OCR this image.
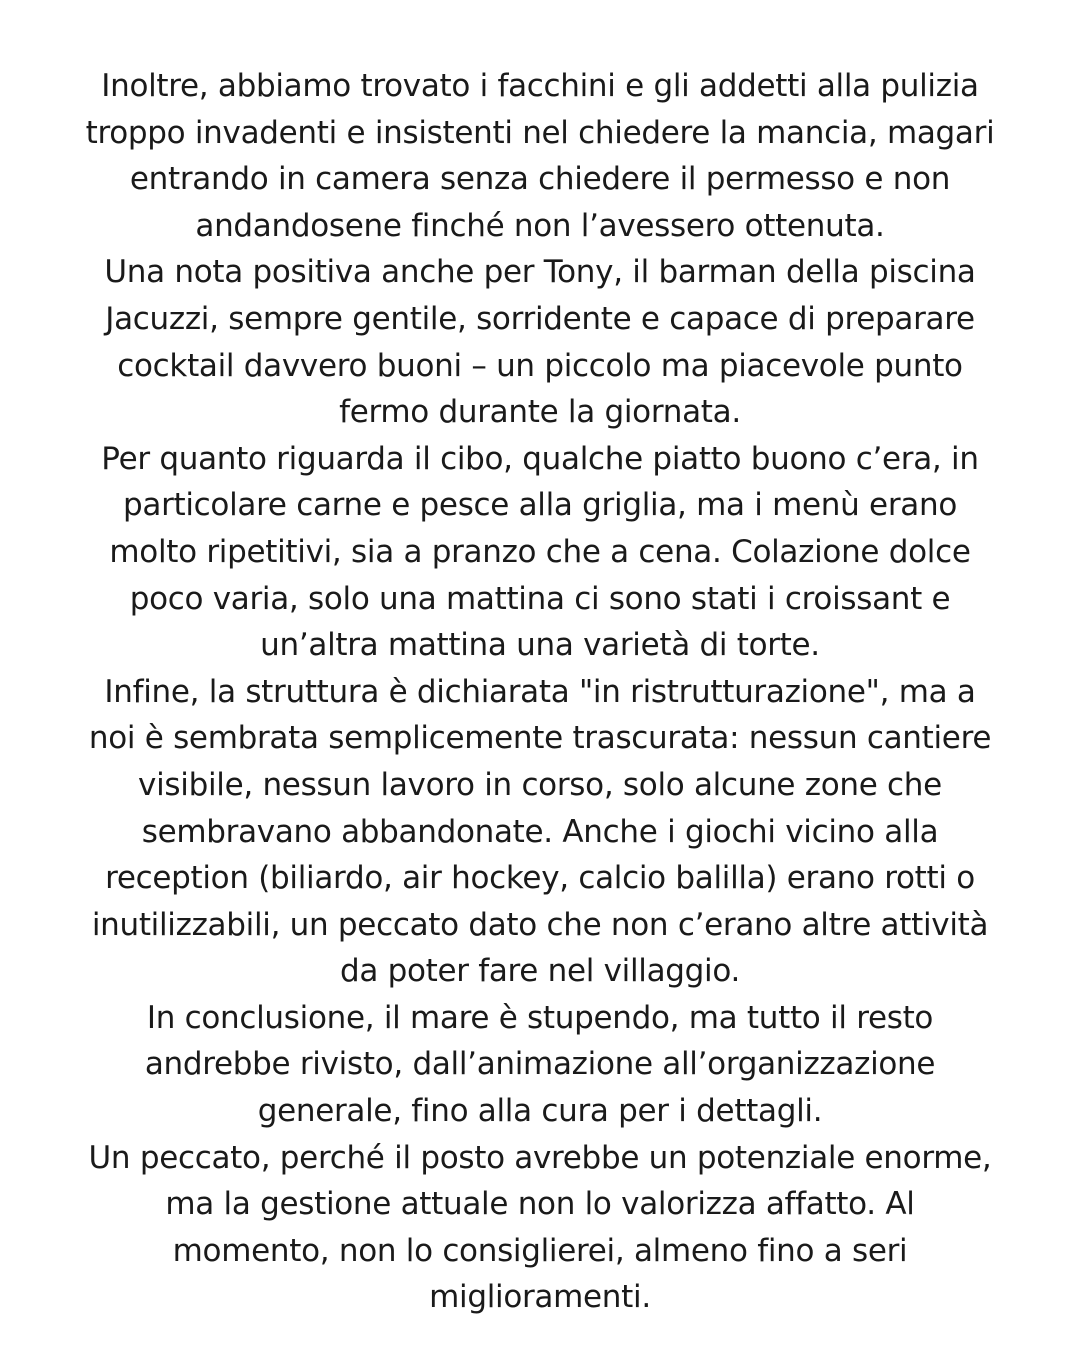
Inoltre, abbiamo trovato i facchini e gli addetti alla pulizia troppo invadenti e insistenti nel chiedere la mancia, magari entrando in camera senza chiedere il permesso e non andandosene finché non l’avessero ottenuta.

Una nota positiva anche per Tony, il barman della piscina Jacuzzi, sempre gentile, sorridente e capace di preparare cocktail davvero buoni – un piccolo ma piacevole punto fermo durante la giornata.

Per quanto riguarda il cibo, qualche piatto buono c’era, in particolare carne e pesce alla griglia, ma i menù erano molto ripetitivi, sia a pranzo che a cena. Colazione dolce poco varia, solo una mattina ci sono stati i croissant e un’altra mattina una varietà di torte.

Infine, la struttura è dichiarata "in ristrutturazione", ma a noi è sembrata semplicemente trascurata: nessun cantiere visibile, nessun lavoro in corso, solo alcune zone che sembravano abbandonate. Anche i giochi vicino alla reception (biliardo, air hockey, calcio balilla) erano rotti o inutilizzabili, un peccato dato che non c’erano altre attività da poter fare nel villaggio.

In conclusione, il mare è stupendo, ma tutto il resto andrebbe rivisto, dall’animazione all’organizzazione generale, fino alla cura per i dettagli.

Un peccato, perché il posto avrebbe un potenziale enorme, ma la gestione attuale non lo valorizza affatto. Al momento, non lo consiglierei, almeno fino a seri miglioramenti.
